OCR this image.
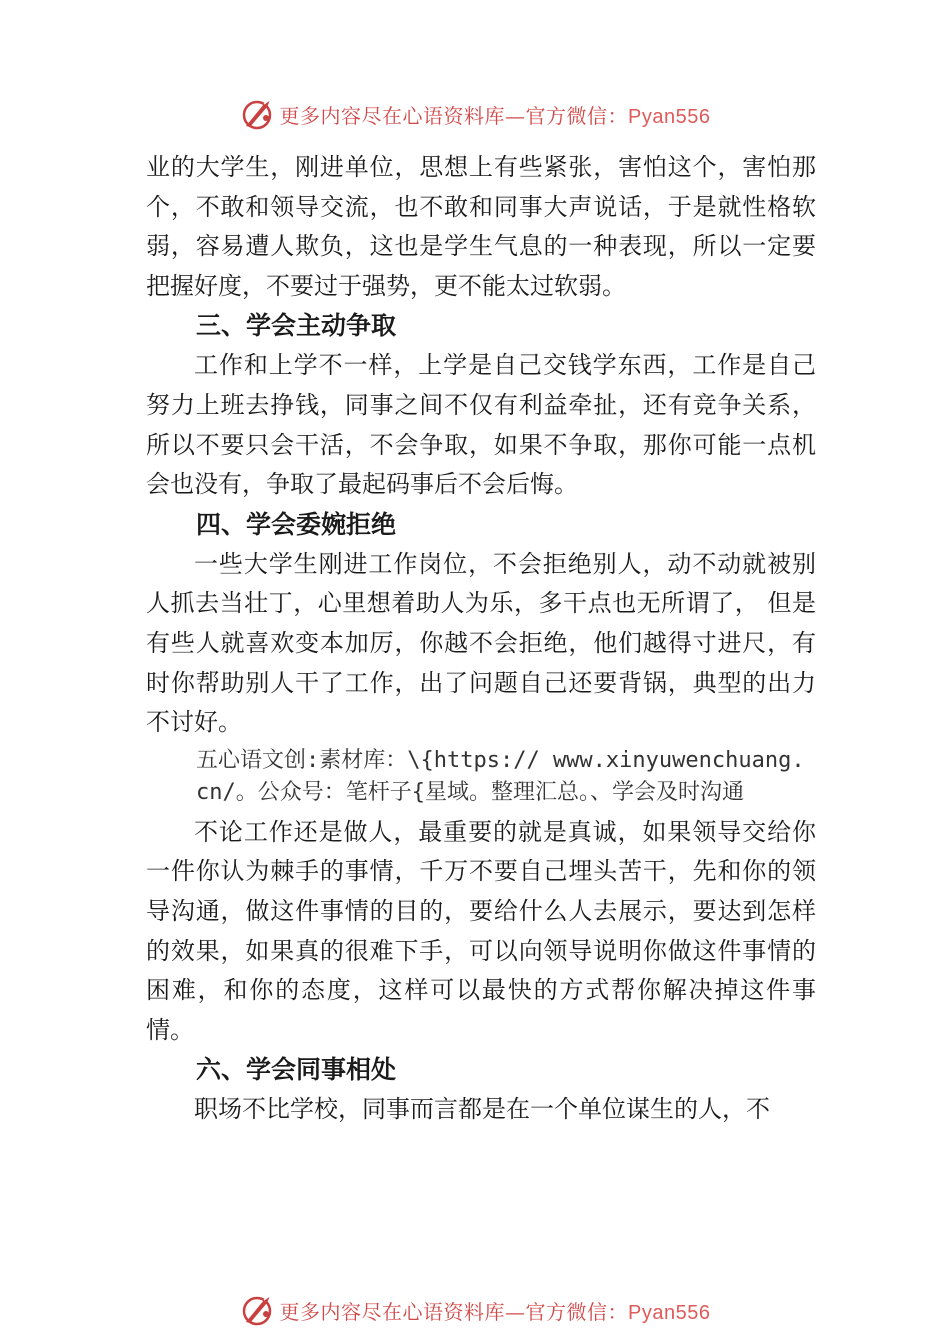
更多内容尽在心语资料库—官方微信：Pyan556

业的大学生，刚进单位，思想上有些紧张，害怕这个，害怕那个，不敢和领导交流，也不敢和同事大声说话，于是就性格软弱，容易遭人欺负，这也是学生气息的一种表现，所以一定要把握好度，不要过于强势，更不能太过软弱。

三、学会主动争取

工作和上学不一样，上学是自己交钱学东西，工作是自己努力上班去挣钱，同事之间不仅有利益牵扯，还有竞争关系，所以不要只会干活，不会争取，如果不争取，那你可能一点机会也没有，争取了最起码事后不会后悔。

四、学会委婉拒绝

一些大学生刚进工作岗位，不会拒绝别人，动不动就被别人抓去当壮丁，心里想着助人为乐，多干点也无所谓了， 但是有些人就喜欢变本加厉，你越不会拒绝，他们越得寸进尺，有时你帮助别人干了工作，出了问题自己还要背锅，典型的出力不讨好。

五心语文创:素材库：\{https:// www.xinyuwenchuang.cn/。公众号：笔杆子{星域。整理汇总。、学会及时沟通

不论工作还是做人，最重要的就是真诚，如果领导交给你一件你认为棘手的事情，千万不要自己埋头苦干，先和你的领导沟通，做这件事情的目的，要给什么人去展示，要达到怎样的效果，如果真的很难下手，可以向领导说明你做这件事情的困难，和你的态度，这样可以最快的方式帮你解决掉这件事情。

六、学会同事相处

职场不比学校，同事而言都是在一个单位谋生的人，不

更多内容尽在心语资料库—官方微信：Pyan556
